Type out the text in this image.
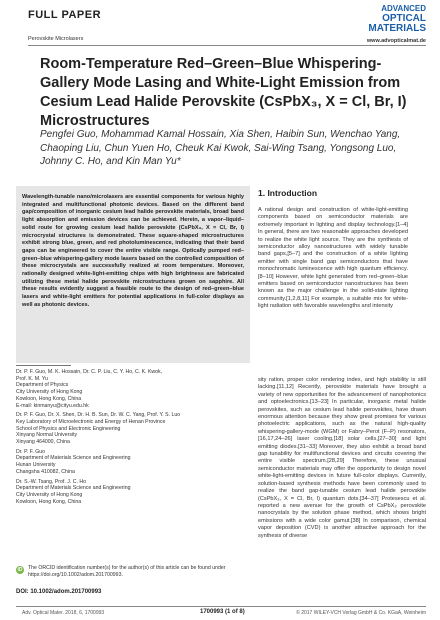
FULL PAPER
ADVANCED
OPTICAL
MATERIALS
Perovskite Microlasers	www.advopticalmat.de
Room-Temperature Red–Green–Blue Whispering-Gallery Mode Lasing and White-Light Emission from Cesium Lead Halide Perovskite (CsPbX₃, X = Cl, Br, I) Microstructures
Pengfei Guo, Mohammad Kamal Hossain, Xia Shen, Haibin Sun, Wenchao Yang, Chaoping Liu, Chun Yuen Ho, Cheuk Kai Kwok, Sai-Wing Tsang, Yongsong Luo, Johnny C. Ho, and Kin Man Yu*
Wavelength-tunable nano/microlasers are essential components for various highly integrated and multifunctional photonic devices. Based on the different band gap/composition of inorganic cesium lead halide perovskite materials, broad band light absorption and emission devices can be achieved. Herein, a vapor–liquid–solid route for growing cesium lead halide perovskite (CsPbX₃, X = Cl, Br, I) microcrystal structures is demonstrated. These square-shaped microstructures exhibit strong blue, green, and red photoluminescence, indicating that their band gaps can be engineered to cover the entire visible range. Optically pumped red–green–blue whispering-gallery mode lasers based on the controlled composition of these microcrystals are successfully realized at room temperature. Moreover, rationally designed white-light-emitting chips with high brightness are fabricated utilizing these metal halide perovskite microstructures grown on sapphire. All these results evidently suggest a feasible route to the design of red–green–blue lasers and white-light emitters for potential applications in full-color displays as well as photonic devices.
Dr. P. F. Guo, M. K. Hossain, Dr. C. P. Liu, C. Y. Ho, C. K. Kwok,
Prof. K. M. Yu
Department of Physics
City University of Hong Kong
Kowloon, Hong Kong, China
E-mail: kinmanyu@cityu.edu.hk
Dr. P. F. Guo, Dr. X. Shen, Dr. H. B. Sun, Dr. W. C. Yang, Prof. Y. S. Luo
Key Laboratory of Microelectronic and Energy of Henan Province
School of Physics and Electronic Engineering
Xinyang Normal University
Xinyang 464000, China
Dr. P. F. Guo
Department of Materials Science and Engineering
Hunan University
Changsha 410082, China
Dr. S.-W. Tsang, Prof. J. C. Ho
Department of Materials Science and Engineering
City University of Hong Kong
Kowloon, Hong Kong, China
iD The ORCID identification number(s) for the author(s) of this article can be found under https://doi.org/10.1002/adom.201700993.
DOI: 10.1002/adom.201700993
1. Introduction
A rational design and construction of white-light-emitting components based on semiconductor materials are extremely important in lighting and display technology.[1–4] In general, there are two reasonable approaches developed to realize the white light source. They are the synthesis of semiconductor alloy nanostructures with widely tunable band gaps,[5–7] and the construction of a white lighting emitter with single band gap semiconductors that have monochromatic luminescence with high quantum efficiency.[8–10] However, white light generated from red–green–blue emitters based on semiconductor nanostructures has been known as the major challenge in the solid-state lighting community.[1,2,8,11] For example, a suitable mix for white-light radiation with favorable wavelengths and intensity
sity ration, proper color rendering index, and high stability is still lacking.[11,12] Recently, perovskite materials have brought a variety of new opportunities for the advancement of nanophotonics and optoelectronics.[13–23] In particular, inorganic metal halide perovskites, such as cesium lead halide perovskites, have drawn enormous attention because they show great promises for various photoelectric applications, such as the natural high-quality whispering-gallery-mode (WGM) or Fabry–Perot (F–P) resonators,[16,17,24–26] laser cooling,[18] solar cells,[27–30] and light emitting diodes.[31–33] Moreover, they also exhibit a broad band gap tunability for multifunctional devices and circuits covering the entire visible spectrum.[28,29] Therefore, these unusual semiconductor materials may offer the opportunity to design novel white-light-emitting devices in future full-color displays. Currently, solution-based synthesis methods have been commonly used to realize the band gap-tunable cesium lead halide perovskite (CsPbX₃, X = Cl, Br, I) quantum dots.[34–37] Protesescu et al. reported a new avenue for the growth of CsPbX₃ perovskite nanocrystals by the solution phase method, which shows bright emissions with a wide color gamut.[38] In comparison, chemical vapor deposition (CVD) is another attractive approach for the synthesis of diverse
Adv. Optical Mater. 2018, 6, 1700993	1700993 (1 of 8)	© 2017 WILEY-VCH Verlag GmbH & Co. KGaA, Weinheim
